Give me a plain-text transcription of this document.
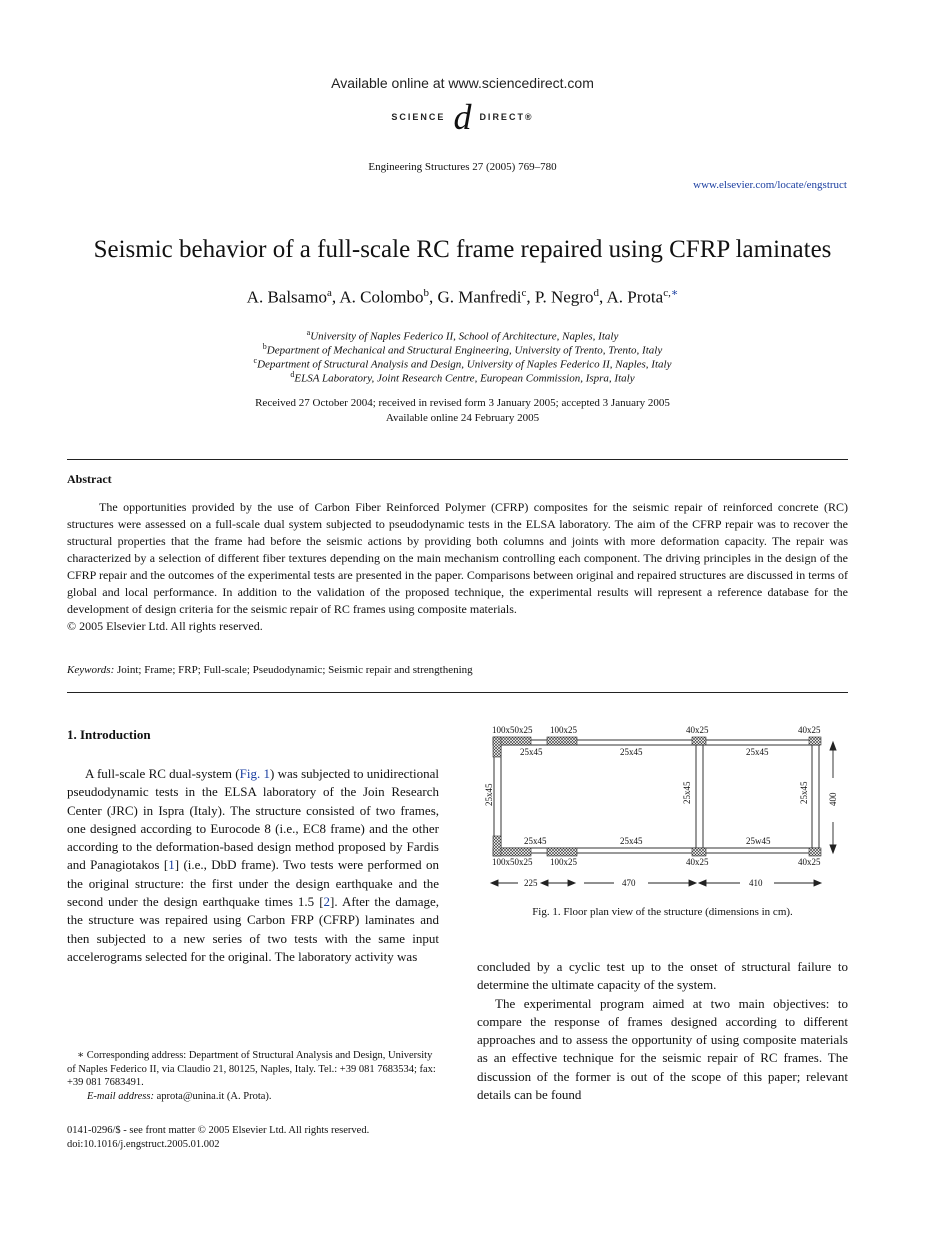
Available online at www.sciencedirect.com
SCIENCE d DIRECT®
Engineering Structures 27 (2005) 769–780
www.elsevier.com/locate/engstruct
Seismic behavior of a full-scale RC frame repaired using CFRP laminates
A. Balsamo$^a$, A. Colombo$^b$, G. Manfredi$^c$, P. Negro$^d$, A. Prota$^{c,∗}$
$^a$University of Naples Federico II, School of Architecture, Naples, Italy
$^b$Department of Mechanical and Structural Engineering, University of Trento, Trento, Italy
$^c$Department of Structural Analysis and Design, University of Naples Federico II, Naples, Italy
$^d$ELSA Laboratory, Joint Research Centre, European Commission, Ispra, Italy
Received 27 October 2004; received in revised form 3 January 2005; accepted 3 January 2005
Available online 24 February 2005
Abstract

The opportunities provided by the use of Carbon Fiber Reinforced Polymer (CFRP) composites for the seismic repair of reinforced concrete (RC) structures were assessed on a full-scale dual system subjected to pseudodynamic tests in the ELSA laboratory. The aim of the CFRP repair was to recover the structural properties that the frame had before the seismic actions by providing both columns and joints with more deformation capacity. The repair was characterized by a selection of different fiber textures depending on the main mechanism controlling each component. The driving principles in the design of the CFRP repair and the outcomes of the experimental tests are presented in the paper. Comparisons between original and repaired structures are discussed in terms of global and local performance. In addition to the validation of the proposed technique, the experimental results will represent a reference database for the development of design criteria for the seismic repair of RC frames using composite materials.

© 2005 Elsevier Ltd. All rights reserved.
Keywords: Joint; Frame; FRP; Full-scale; Pseudodynamic; Seismic repair and strengthening
1. Introduction

A full-scale RC dual-system (Fig. 1) was subjected to unidirectional pseudodynamic tests in the ELSA laboratory of the Join Research Center (JRC) in Ispra (Italy). The structure consisted of two frames, one designed according to Eurocode 8 (i.e., EC8 frame) and the other according to the deformation-based design method proposed by Fardis and Panagiotakos [1] (i.e., DbD frame). Two tests were performed on the original structure: the first under the design earthquake and the second under the design earthquake times 1.5 [2]. After the damage, the structure was repaired using Carbon FRP (CFRP) laminates and then subjected to a new series of two tests with the same input accelerograms selected for the original. The laboratory activity was

∗ Corresponding address: Department of Structural Analysis and Design, University of Naples Federico II, via Claudio 21, 80125, Naples, Italy. Tel.: +39 081 7683534; fax: +39 081 7683491.

E-mail address: aprota@unina.it (A. Prota).

0141-0296/$ - see front matter © 2005 Elsevier Ltd. All rights reserved.
doi:10.1016/j.engstruct.2005.01.002
100x50x25 100x25	40x25	40x25
100x50x25 100x25	40x25	40x25
25x45	25x45	25x45
25x45	25x45	25w45
25x45	25x45	25x45 400
225	470	410
Fig. 1. Floor plan view of the structure (dimensions in cm).
concluded by a cyclic test up to the onset of structural failure to determine the ultimate capacity of the system.

The experimental program aimed at two main objectives: to compare the response of frames designed according to different approaches and to assess the opportunity of using composite materials as an effective technique for the seismic repair of RC frames. The discussion of the former is out of the scope of this paper; relevant details can be found
